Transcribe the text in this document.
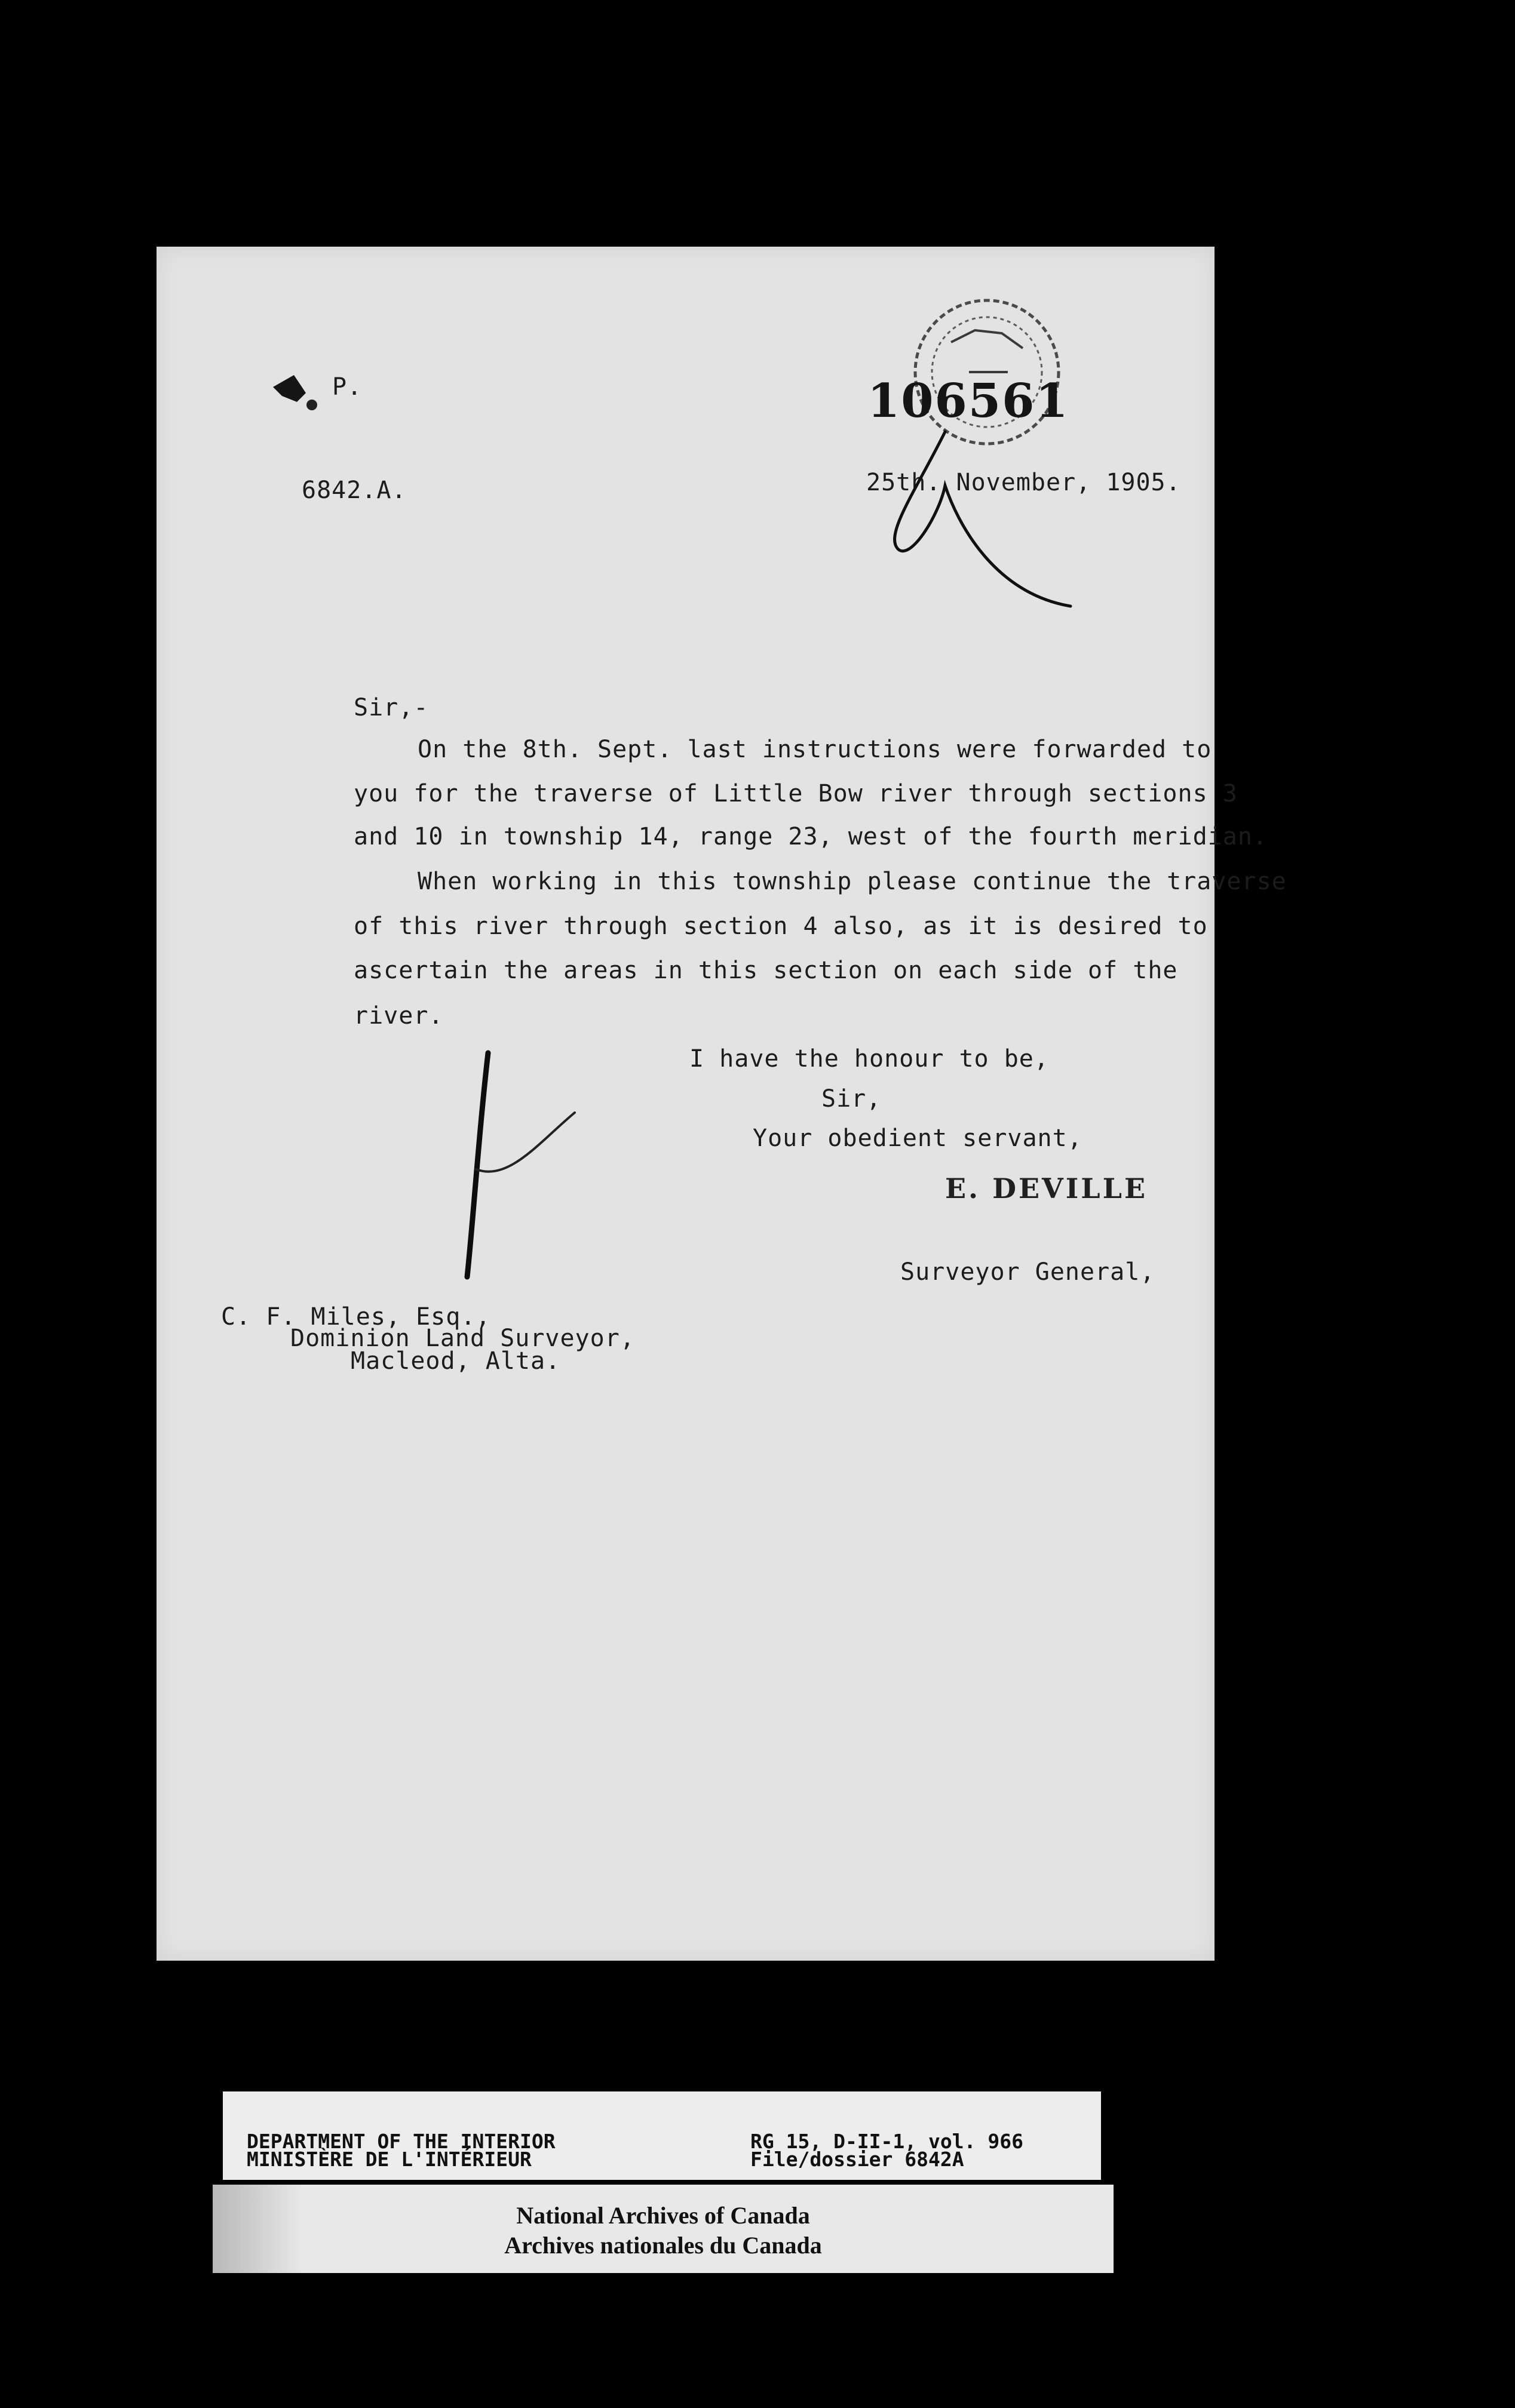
P.
6842.A.
106561
25th. November, 1905.
Sir,-
On the 8th. Sept. last instructions were forwarded to
you for the traverse of Little Bow river through sections 3
and 10 in township 14, range 23, west of the fourth meridian.
When working in this township please continue the traverse
of this river through section 4 also, as it is desired to
ascertain the areas in this section on each side of the
river.
I have the honour to be,
Sir,
Your obedient servant,
E. DEVILLE
Surveyor General,
C. F. Miles, Esq.,
Dominion Land Surveyor,
Macleod, Alta.
DEPARTMENT OF THE INTERIOR
MINISTÈRE DE L'INTÉRIEUR
RG 15, D-II-1, vol. 966
File/dossier 6842A
National Archives of Canada
Archives nationales du Canada
